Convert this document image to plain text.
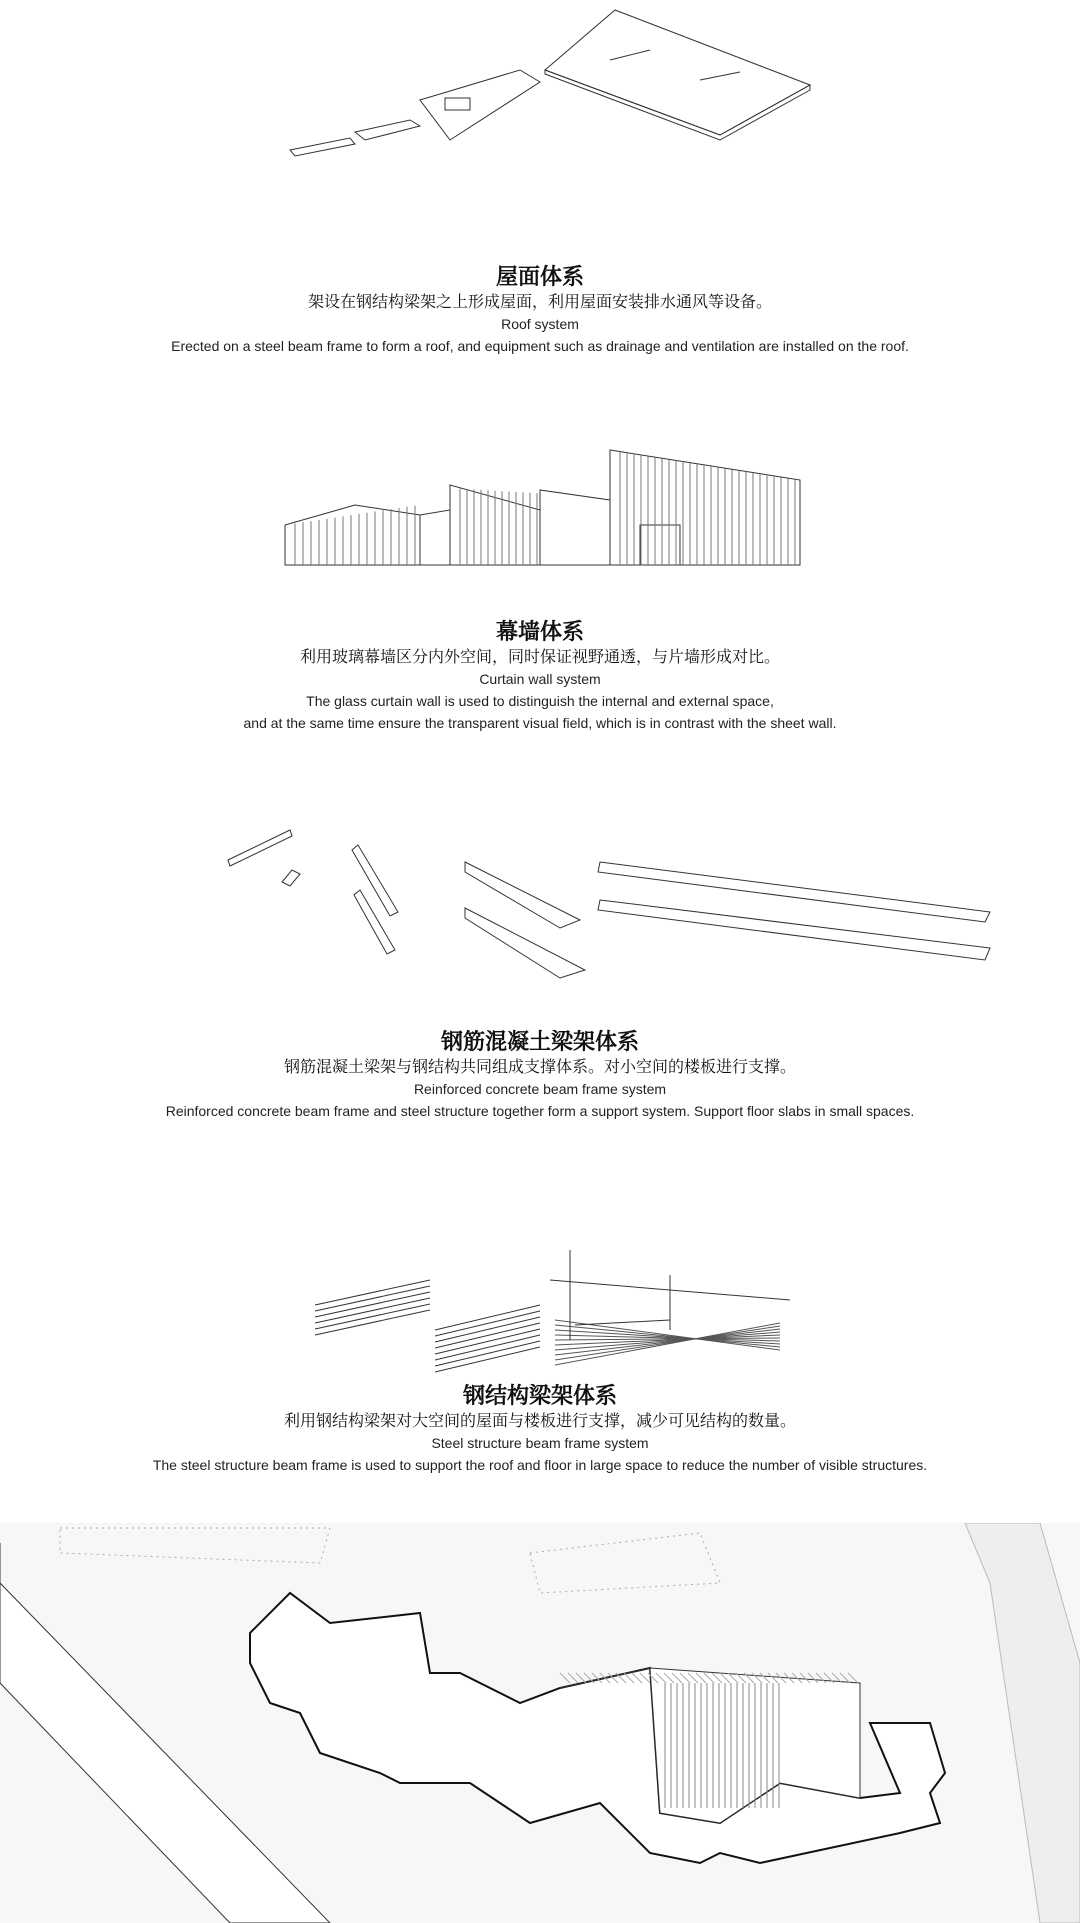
屋面体系
架设在钢结构梁架之上形成屋面，利用屋面安装排水通风等设备。
Roof system
Erected on a steel beam frame to form a roof, and equipment such as drainage and ventilation are installed on the roof.
幕墙体系
利用玻璃幕墙区分内外空间，同时保证视野通透，与片墙形成对比。
Curtain wall system
The glass curtain wall is used to distinguish the internal and external space,
and at the same time ensure the transparent visual field, which is in contrast with the sheet wall.
钢筋混凝土梁架体系
钢筋混凝土梁架与钢结构共同组成支撑体系。对小空间的楼板进行支撑。
Reinforced concrete beam frame system
Reinforced concrete beam frame and steel structure together form a support system. Support floor slabs in small spaces.
钢结构梁架体系
利用钢结构梁架对大空间的屋面与楼板进行支撑，减少可见结构的数量。
Steel structure beam frame system
The steel structure beam frame is used to support the roof and floor in large space to reduce the number of visible structures.
